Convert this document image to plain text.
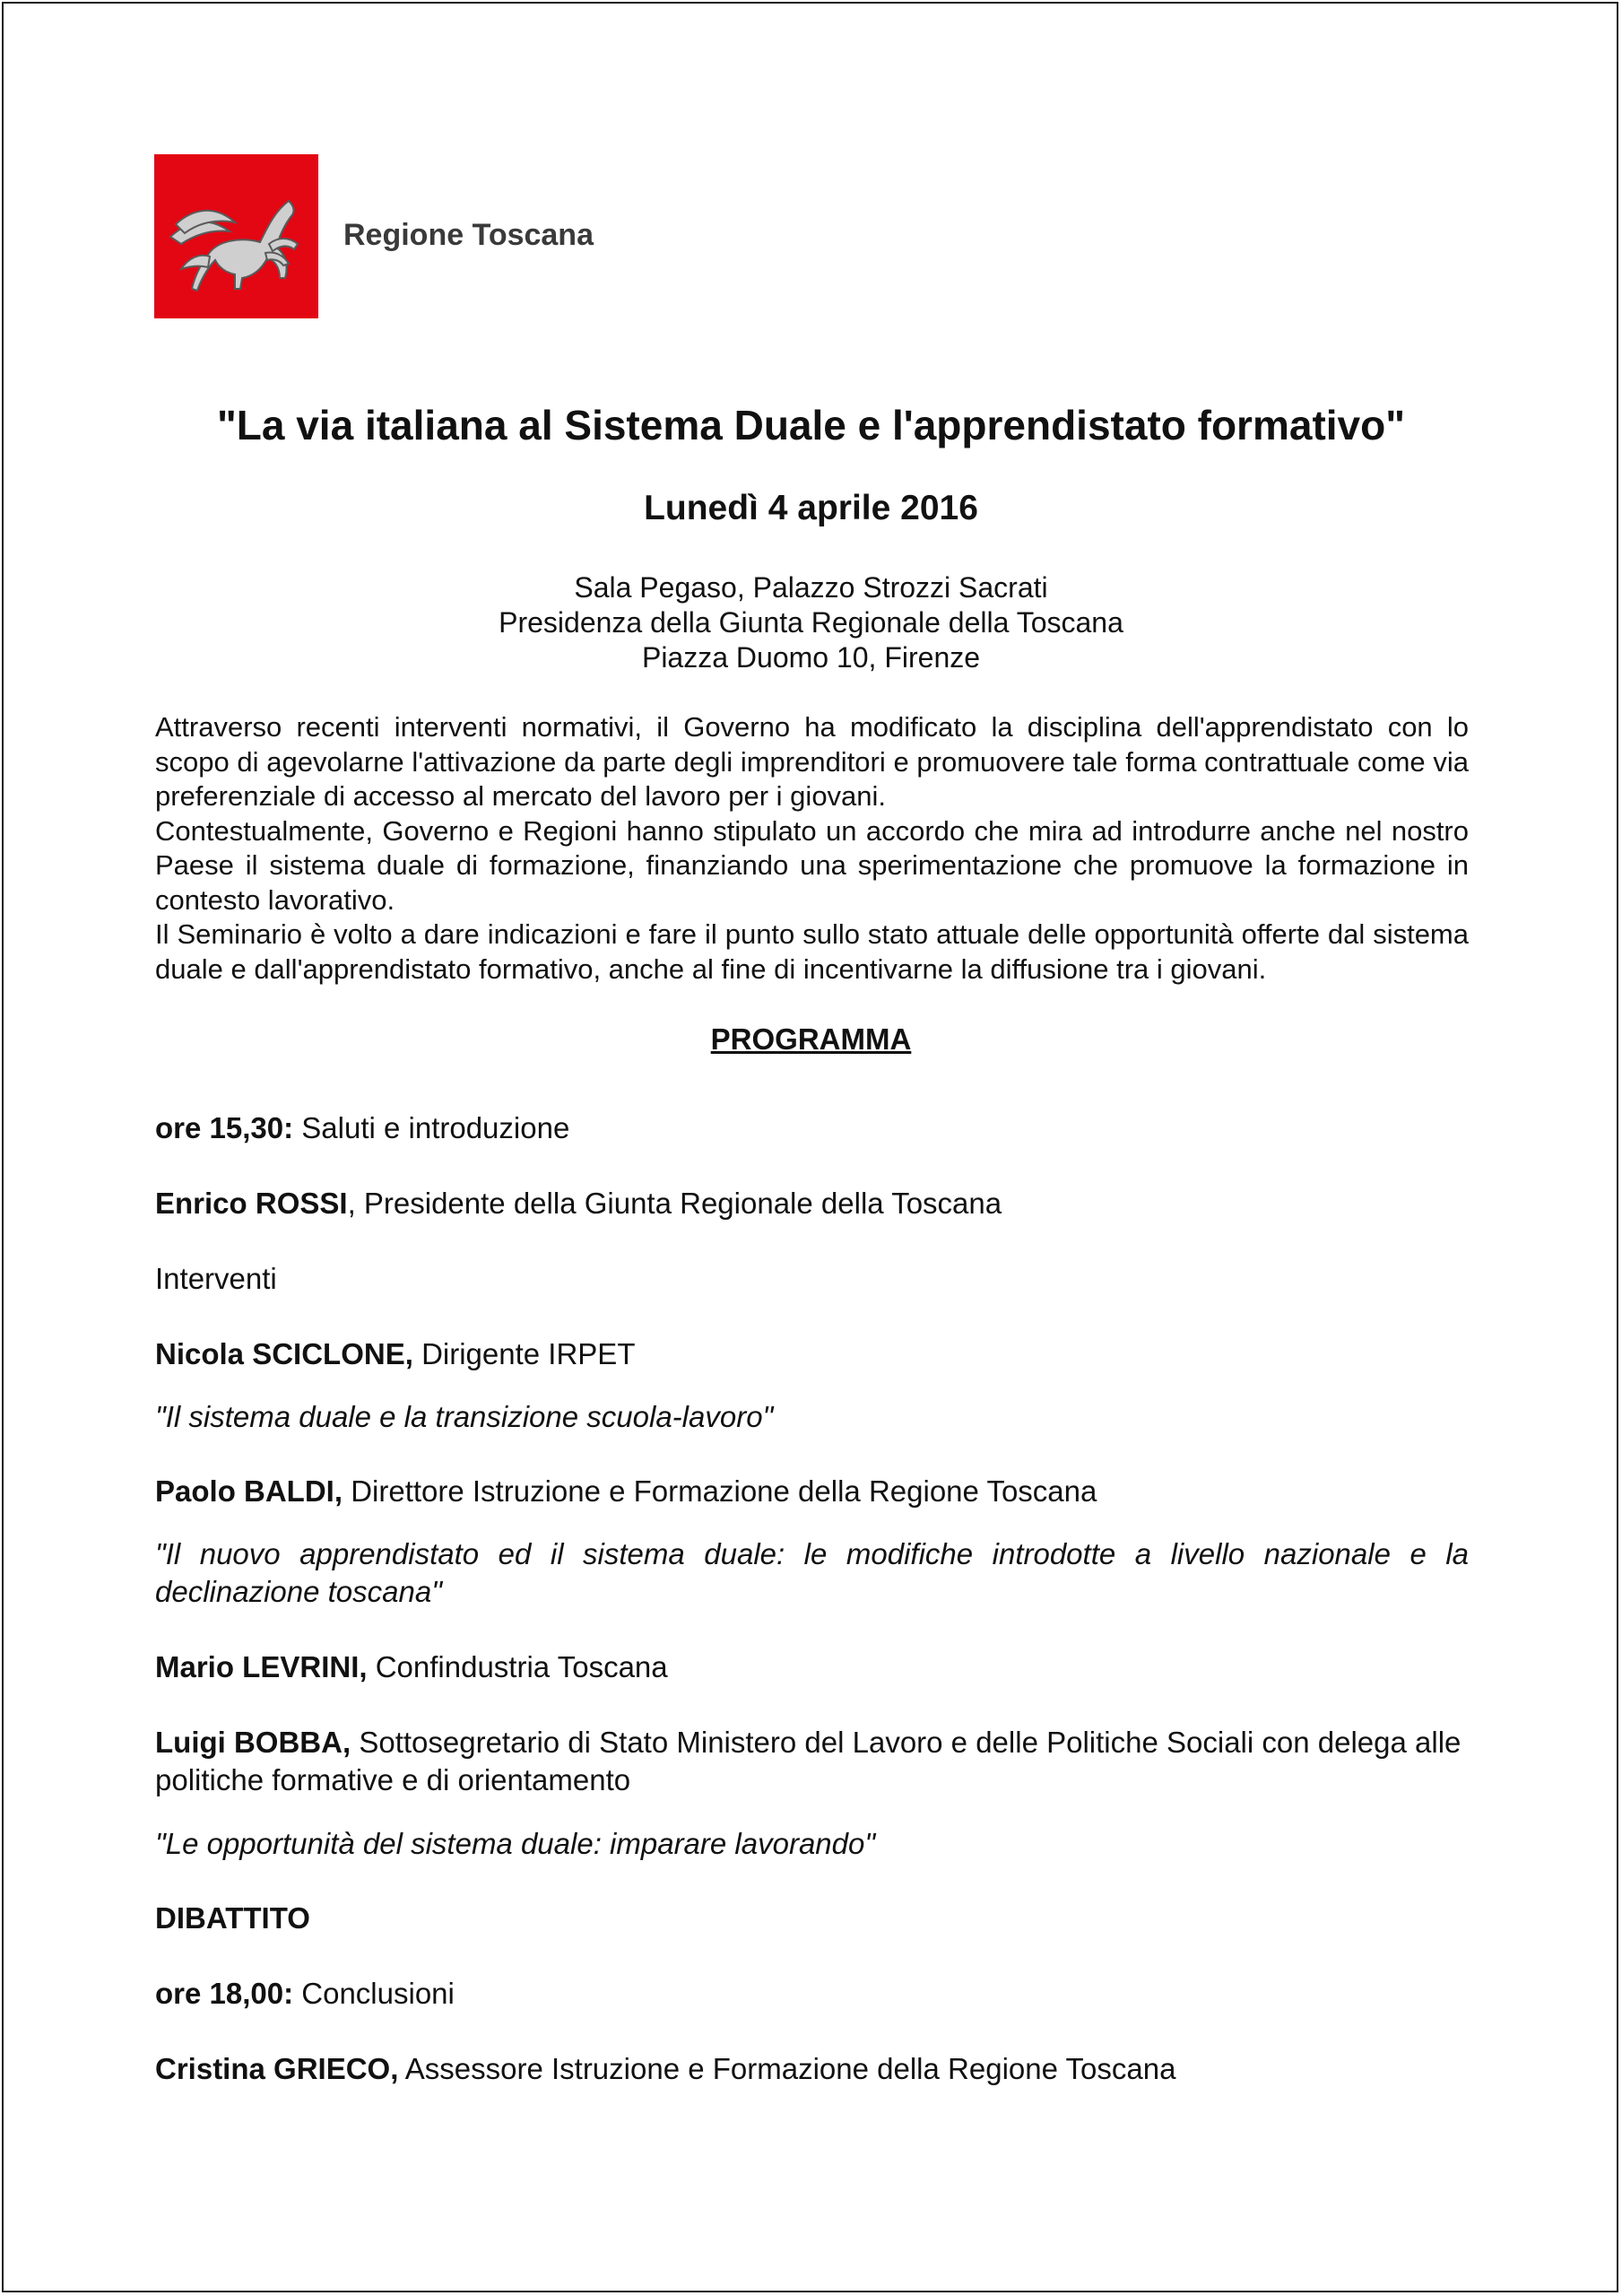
Regione Toscana
"La via italiana al Sistema Duale e l'apprendistato formativo"
Lunedì 4 aprile 2016
Sala Pegaso, Palazzo Strozzi Sacrati
Presidenza della Giunta Regionale della Toscana
Piazza Duomo 10, Firenze

Attraverso recenti interventi normativi, il Governo ha modificato la disciplina dell'apprendistato con lo scopo di agevolarne l'attivazione da parte degli imprenditori e promuovere tale forma contrattuale come via preferenziale di accesso al mercato del lavoro per i giovani.

Contestualmente, Governo e Regioni hanno stipulato un accordo che mira ad introdurre anche nel nostro Paese il sistema duale di formazione, finanziando una sperimentazione che promuove la formazione in contesto lavorativo.

Il Seminario è volto a dare indicazioni e fare il punto sullo stato attuale delle opportunità offerte dal sistema duale e dall'apprendistato formativo, anche al fine di incentivarne la diffusione tra i giovani.

PROGRAMMA
ore 15,30: Saluti e introduzione
Enrico ROSSI, Presidente della Giunta Regionale della Toscana
Interventi
Nicola SCICLONE, Dirigente IRPET
"Il sistema duale e la transizione scuola-lavoro"
Paolo BALDI, Direttore Istruzione e Formazione della Regione Toscana
"Il nuovo apprendistato ed il sistema duale: le modifiche introdotte a livello nazionale e la declinazione toscana"
Mario LEVRINI, Confindustria Toscana
Luigi BOBBA, Sottosegretario di Stato Ministero del Lavoro e delle Politiche Sociali con delega alle politiche formative e di orientamento
"Le opportunità del sistema duale: imparare lavorando"
DIBATTITO
ore 18,00: Conclusioni
Cristina GRIECO, Assessore Istruzione e Formazione della Regione Toscana
